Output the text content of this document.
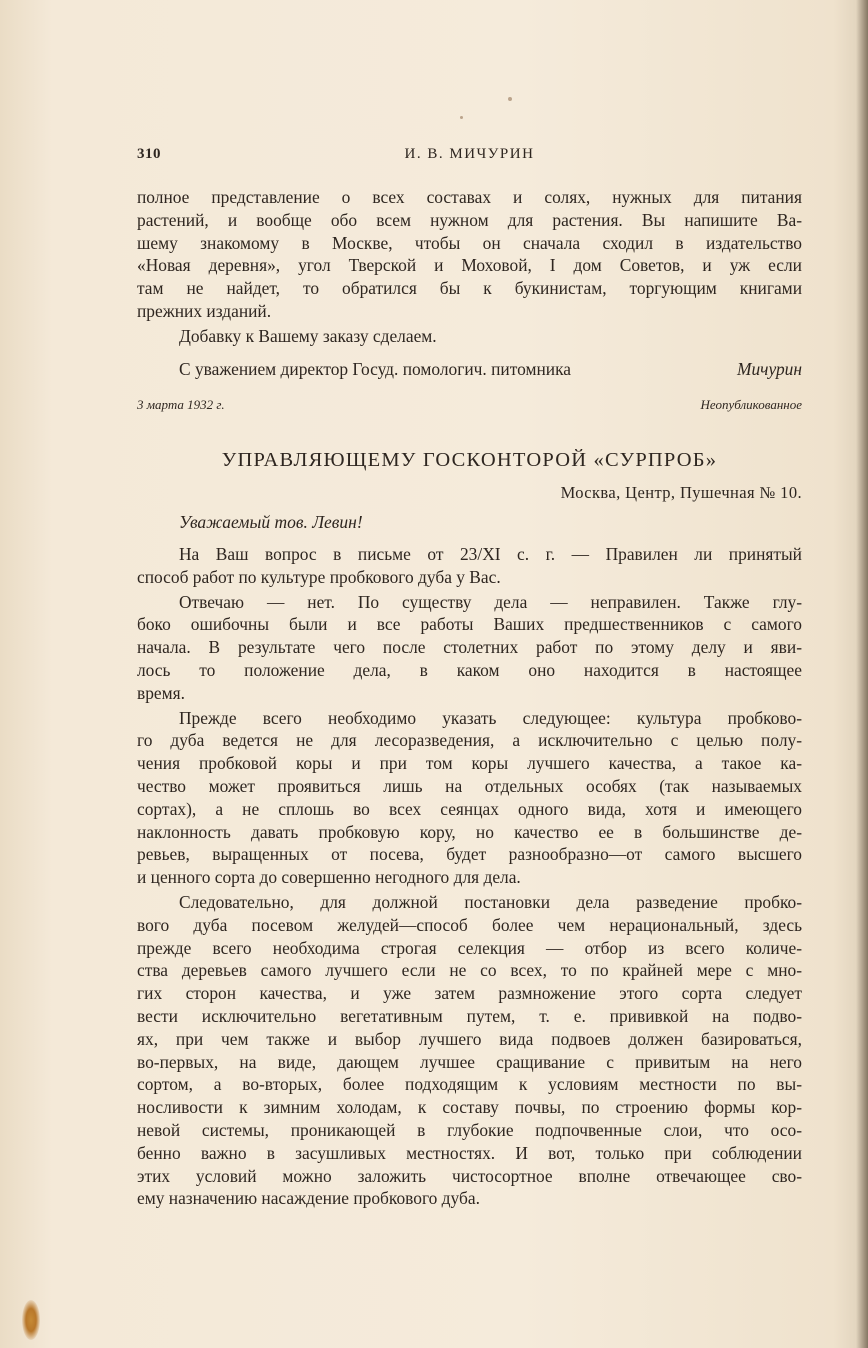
310	И. В. МИЧУРИН
полное представление о всех составах и солях, нужных для питания
растений, и вообще обо всем нужном для растения. Вы напишите Ва-
шему знакомому в Москве, чтобы он сначала сходил в издательство
«Новая деревня», угол Тверской и Моховой, I дом Советов, и уж если
там не найдет, то обратился бы к букинистам, торгующим книгами
прежних изданий.
Добавку к Вашему заказу сделаем.
С уважением директор Госуд. помологич. питомника	Мичурин
3 марта 1932 г.	Неопубликованное
УПРАВЛЯЮЩЕМУ ГОСКОНТОРОЙ «СУРПРОБ»
Москва, Центр, Пушечная № 10.
Уважаемый тов. Левин!
На Ваш вопрос в письме от 23/XI с. г. — Правилен ли принятый
способ работ по культуре пробкового дуба у Вас.
Отвечаю — нет. По существу дела — неправилен. Также глу-
боко ошибочны были и все работы Ваших предшественников с самого
начала. В результате чего после столетних работ по этому делу и яви-
лось то положение дела, в каком оно находится в настоящее
время.
Прежде всего необходимо указать следующее: культура пробково-
го дуба ведется не для лесоразведения, а исключительно с целью полу-
чения пробковой коры и при том коры лучшего качества, а такое ка-
чество может проявиться лишь на отдельных особях (так называемых
сортах), а не сплошь во всех сеянцах одного вида, хотя и имеющего
наклонность давать пробковую кору, но качество ее в большинстве де-
ревьев, выращенных от посева, будет разнообразно—от самого высшего
и ценного сорта до совершенно негодного для дела.
Следовательно, для должной постановки дела разведение пробко-
вого дуба посевом желудей—способ более чем нерациональный, здесь
прежде всего необходима строгая селекция — отбор из всего количе-
ства деревьев самого лучшего если не со всех, то по крайней мере с мно-
гих сторон качества, и уже затем размножение этого сорта следует
вести исключительно вегетативным путем, т. е. прививкой на подво-
ях, при чем также и выбор лучшего вида подвоев должен базироваться,
во-первых, на виде, дающем лучшее сращивание с привитым на него
сортом, а во-вторых, более подходящим к условиям местности по вы-
носливости к зимним холодам, к составу почвы, по строению формы кор-
невой системы, проникающей в глубокие подпочвенные слои, что осо-
бенно важно в засушливых местностях. И вот, только при соблюдении
этих условий можно заложить чистосортное вполне отвечающее сво-
ему назначению насаждение пробкового дуба.
